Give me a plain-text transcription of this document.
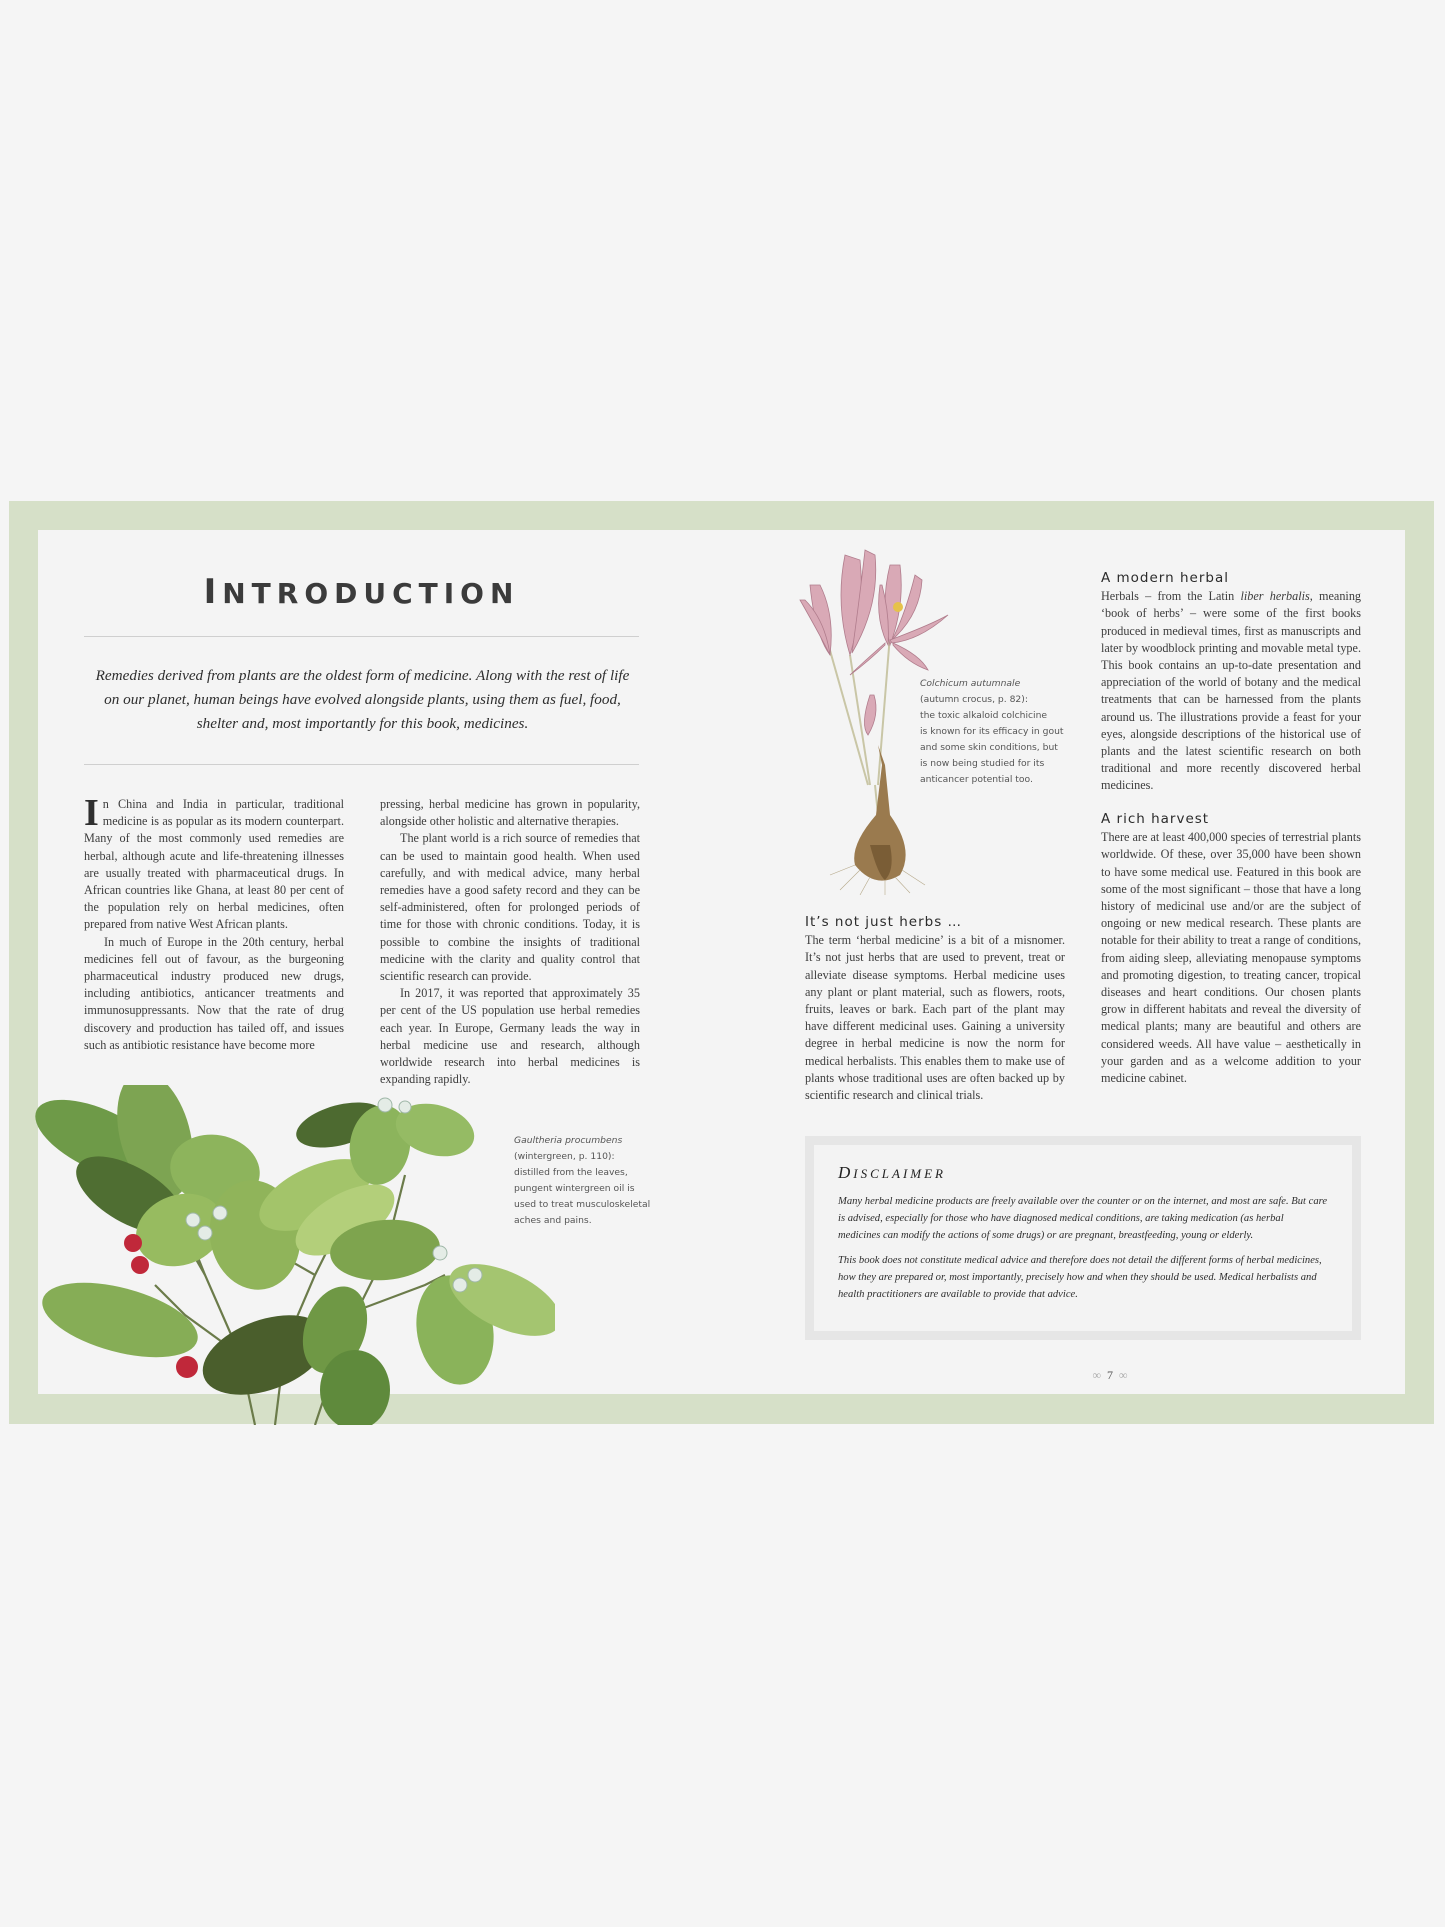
INTRODUCTION
Remedies derived from plants are the oldest form of medicine. Along with the rest of life on our planet, human beings have evolved alongside plants, using them as fuel, food, shelter and, most importantly for this book, medicines.

In China and India in particular, traditional medicine is as popular as its modern counterpart. Many of the most commonly used remedies are herbal, although acute and life-threatening illnesses are usually treated with pharmaceutical drugs. In African countries like Ghana, at least 80 per cent of the population rely on herbal medicines, often prepared from native West African plants.

In much of Europe in the 20th century, herbal medicines fell out of favour, as the burgeoning pharmaceutical industry produced new drugs, including antibiotics, anticancer treatments and immunosuppressants. Now that the rate of drug discovery and production has tailed off, and issues such as antibiotic resistance have become more

pressing, herbal medicine has grown in popularity, alongside other holistic and alternative therapies.

The plant world is a rich source of remedies that can be used to maintain good health. When used carefully, and with medical advice, many herbal remedies have a good safety record and they can be self-administered, often for prolonged periods of time for those with chronic conditions. Today, it is possible to combine the insights of traditional medicine with the clarity and quality control that scientific research can provide.

In 2017, it was reported that approximately 35 per cent of the US population use herbal remedies each year. In Europe, Germany leads the way in herbal medicine use and research, although worldwide research into herbal medicines is expanding rapidly.

Gaultheria procumbens
(wintergreen, p. 110):
distilled from the leaves,
pungent wintergreen oil is
used to treat musculoskeletal
aches and pains.
Colchicum autumnale
(autumn crocus, p. 82):
the toxic alkaloid colchicine
is known for its efficacy in gout
and some skin conditions, but
is now being studied for its
anticancer potential too.
It’s not just herbs …

The term ‘herbal medicine’ is a bit of a misnomer. It’s not just herbs that are used to prevent, treat or alleviate disease symptoms. Herbal medicine uses any plant or plant material, such as flowers, roots, fruits, leaves or bark. Each part of the plant may have different medicinal uses. Gaining a university degree in herbal medicine is now the norm for medical herbalists. This enables them to make use of plants whose traditional uses are often backed up by scientific research and clinical trials.

A modern herbal

Herbals – from the Latin liber herbalis, meaning ‘book of herbs’ – were some of the first books produced in medieval times, first as manuscripts and later by woodblock printing and movable metal type. This book contains an up-to-date presentation and appreciation of the world of botany and the medical treatments that can be harnessed from the plants around us. The illustrations provide a feast for your eyes, alongside descriptions of the historical use of plants and the latest scientific research on both traditional and more recently discovered herbal medicines.

A rich harvest

There are at least 400,000 species of terrestrial plants worldwide. Of these, over 35,000 have been shown to have some medical use. Featured in this book are some of the most significant – those that have a long history of medicinal use and/or are the subject of ongoing or new medical research. These plants are notable for their ability to treat a range of conditions, from aiding sleep, alleviating menopause symptoms and promoting digestion, to treating cancer, tropical diseases and heart conditions. Our chosen plants grow in different habitats and reveal the diversity of medical plants; many are beautiful and others are considered weeds. All have value – aesthetically in your garden and as a welcome addition to your medicine cabinet.

DISCLAIMER

Many herbal medicine products are freely available over the counter or on the internet, and most are safe. But care is advised, especially for those who have diagnosed medical conditions, are taking medication (as herbal medicines can modify the actions of some drugs) or are pregnant, breastfeeding, young or elderly.

This book does not constitute medical advice and therefore does not detail the different forms of herbal medicines, how they are prepared or, most importantly, precisely how and when they should be used. Medical herbalists and health practitioners are available to provide that advice.

∞ 7 ∞
